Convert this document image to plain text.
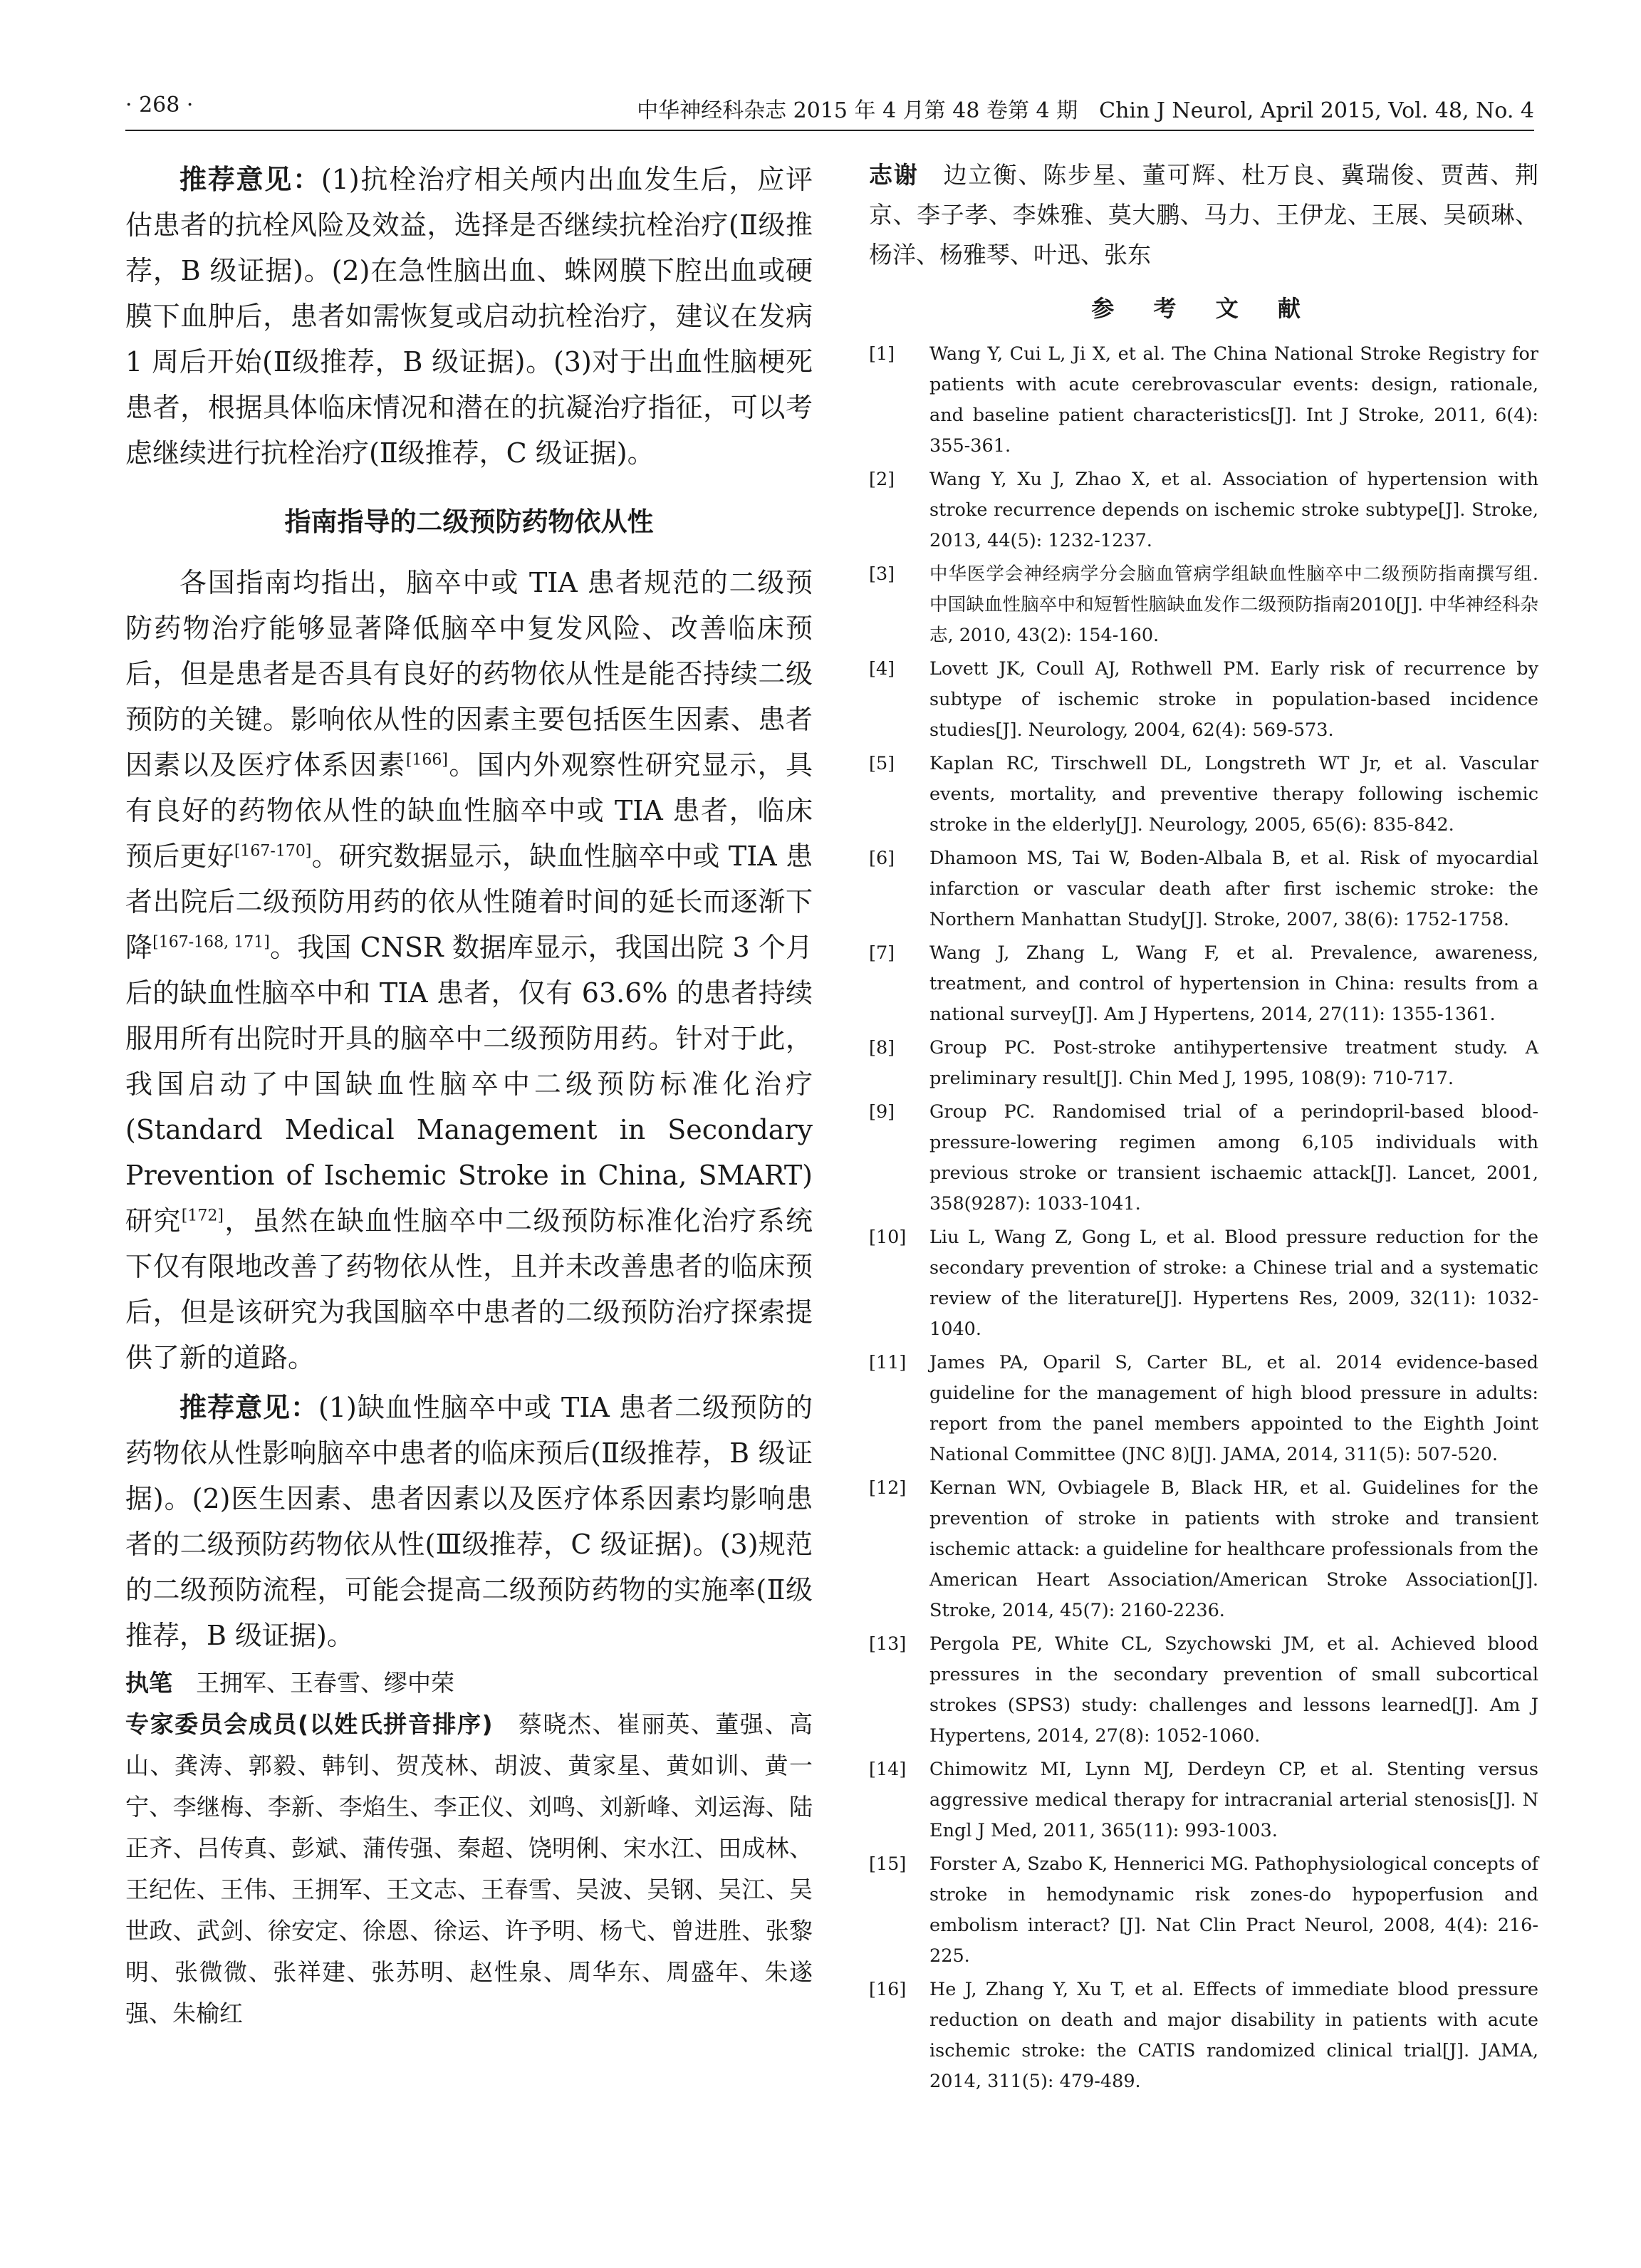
· 268 ·	中华神经科杂志 2015 年 4 月第 48 卷第 4 期　Chin J Neurol, April 2015, Vol. 48, No. 4

推荐意见：(1)抗栓治疗相关颅内出血发生后，应评估患者的抗栓风险及效益，选择是否继续抗栓治疗(Ⅱ级推荐，B 级证据)。(2)在急性脑出血、蛛网膜下腔出血或硬膜下血肿后，患者如需恢复或启动抗栓治疗，建议在发病 1 周后开始(Ⅱ级推荐，B 级证据)。(3)对于出血性脑梗死患者，根据具体临床情况和潜在的抗凝治疗指征，可以考虑继续进行抗栓治疗(Ⅱ级推荐，C 级证据)。

指南指导的二级预防药物依从性

各国指南均指出，脑卒中或 TIA 患者规范的二级预防药物治疗能够显著降低脑卒中复发风险、改善临床预后，但是患者是否具有良好的药物依从性是能否持续二级预防的关键。影响依从性的因素主要包括医生因素、患者因素以及医疗体系因素[166]。国内外观察性研究显示，具有良好的药物依从性的缺血性脑卒中或 TIA 患者，临床预后更好[167-170]。研究数据显示，缺血性脑卒中或 TIA 患者出院后二级预防用药的依从性随着时间的延长而逐渐下降[167-168, 171]。我国 CNSR 数据库显示，我国出院 3 个月后的缺血性脑卒中和 TIA 患者，仅有 63.6% 的患者持续服用所有出院时开具的脑卒中二级预防用药。针对于此，我国启动了中国缺血性脑卒中二级预防标准化治疗(Standard Medical Management in Secondary Prevention of Ischemic Stroke in China, SMART)研究[172]，虽然在缺血性脑卒中二级预防标准化治疗系统下仅有限地改善了药物依从性，且并未改善患者的临床预后，但是该研究为我国脑卒中患者的二级预防治疗探索提供了新的道路。

推荐意见：(1)缺血性脑卒中或 TIA 患者二级预防的药物依从性影响脑卒中患者的临床预后(Ⅱ级推荐，B 级证据)。(2)医生因素、患者因素以及医疗体系因素均影响患者的二级预防药物依从性(Ⅲ级推荐，C 级证据)。(3)规范的二级预防流程，可能会提高二级预防药物的实施率(Ⅱ级推荐，B 级证据)。

执笔　 王拥军、王春雪、缪中荣

专家委员会成员(以姓氏拼音排序)　 蔡晓杰、崔丽英、董强、高山、龚涛、郭毅、韩钊、贺茂林、胡波、黄家星、黄如训、黄一宁、李继梅、李新、李焰生、李正仪、刘鸣、刘新峰、刘运海、陆正齐、吕传真、彭斌、蒲传强、秦超、饶明俐、宋水江、田成林、王纪佐、王伟、王拥军、王文志、王春雪、吴波、吴钢、吴江、吴世政、武剑、徐安定、徐恩、徐运、许予明、杨弋、曾进胜、张黎明、张微微、张祥建、张苏明、赵性泉、周华东、周盛年、朱遂强、朱榆红

志谢　 边立衡、陈步星、董可辉、杜万良、冀瑞俊、贾茜、荆京、李子孝、李姝雅、莫大鹏、马力、王伊龙、王展、吴硕琳、杨洋、杨雅琴、叶迅、张东

参 考 文 献
[1] Wang Y, Cui L, Ji X, et al. The China National Stroke Registry for patients with acute cerebrovascular events: design, rationale, and baseline patient characteristics[J]. Int J Stroke, 2011, 6(4): 355-361.
[2] Wang Y, Xu J, Zhao X, et al. Association of hypertension with stroke recurrence depends on ischemic stroke subtype[J]. Stroke, 2013, 44(5): 1232-1237.
[3] 中华医学会神经病学分会脑血管病学组缺血性脑卒中二级预防指南撰写组. 中国缺血性脑卒中和短暂性脑缺血发作二级预防指南2010[J]. 中华神经科杂志, 2010, 43(2): 154-160.
[4] Lovett JK, Coull AJ, Rothwell PM. Early risk of recurrence by subtype of ischemic stroke in population-based incidence studies[J]. Neurology, 2004, 62(4): 569-573.
[5] Kaplan RC, Tirschwell DL, Longstreth WT Jr, et al. Vascular events, mortality, and preventive therapy following ischemic stroke in the elderly[J]. Neurology, 2005, 65(6): 835-842.
[6] Dhamoon MS, Tai W, Boden-Albala B, et al. Risk of myocardial infarction or vascular death after first ischemic stroke: the Northern Manhattan Study[J]. Stroke, 2007, 38(6): 1752-1758.
[7] Wang J, Zhang L, Wang F, et al. Prevalence, awareness, treatment, and control of hypertension in China: results from a national survey[J]. Am J Hypertens, 2014, 27(11): 1355-1361.
[8] Group PC. Post-stroke antihypertensive treatment study. A preliminary result[J]. Chin Med J, 1995, 108(9): 710-717.
[9] Group PC. Randomised trial of a perindopril-based blood-pressure-lowering regimen among 6,105 individuals with previous stroke or transient ischaemic attack[J]. Lancet, 2001, 358(9287): 1033-1041.
[10] Liu L, Wang Z, Gong L, et al. Blood pressure reduction for the secondary prevention of stroke: a Chinese trial and a systematic review of the literature[J]. Hypertens Res, 2009, 32(11): 1032-1040.
[11] James PA, Oparil S, Carter BL, et al. 2014 evidence-based guideline for the management of high blood pressure in adults: report from the panel members appointed to the Eighth Joint National Committee (JNC 8)[J]. JAMA, 2014, 311(5): 507-520.
[12] Kernan WN, Ovbiagele B, Black HR, et al. Guidelines for the prevention of stroke in patients with stroke and transient ischemic attack: a guideline for healthcare professionals from the American Heart Association/American Stroke Association[J]. Stroke, 2014, 45(7): 2160-2236.
[13] Pergola PE, White CL, Szychowski JM, et al. Achieved blood pressures in the secondary prevention of small subcortical strokes (SPS3) study: challenges and lessons learned[J]. Am J Hypertens, 2014, 27(8): 1052-1060.
[14] Chimowitz MI, Lynn MJ, Derdeyn CP, et al. Stenting versus aggressive medical therapy for intracranial arterial stenosis[J]. N Engl J Med, 2011, 365(11): 993-1003.
[15] Forster A, Szabo K, Hennerici MG. Pathophysiological concepts of stroke in hemodynamic risk zones-do hypoperfusion and embolism interact? [J]. Nat Clin Pract Neurol, 2008, 4(4): 216-225.
[16] He J, Zhang Y, Xu T, et al. Effects of immediate blood pressure reduction on death and major disability in patients with acute ischemic stroke: the CATIS randomized clinical trial[J]. JAMA, 2014, 311(5): 479-489.
